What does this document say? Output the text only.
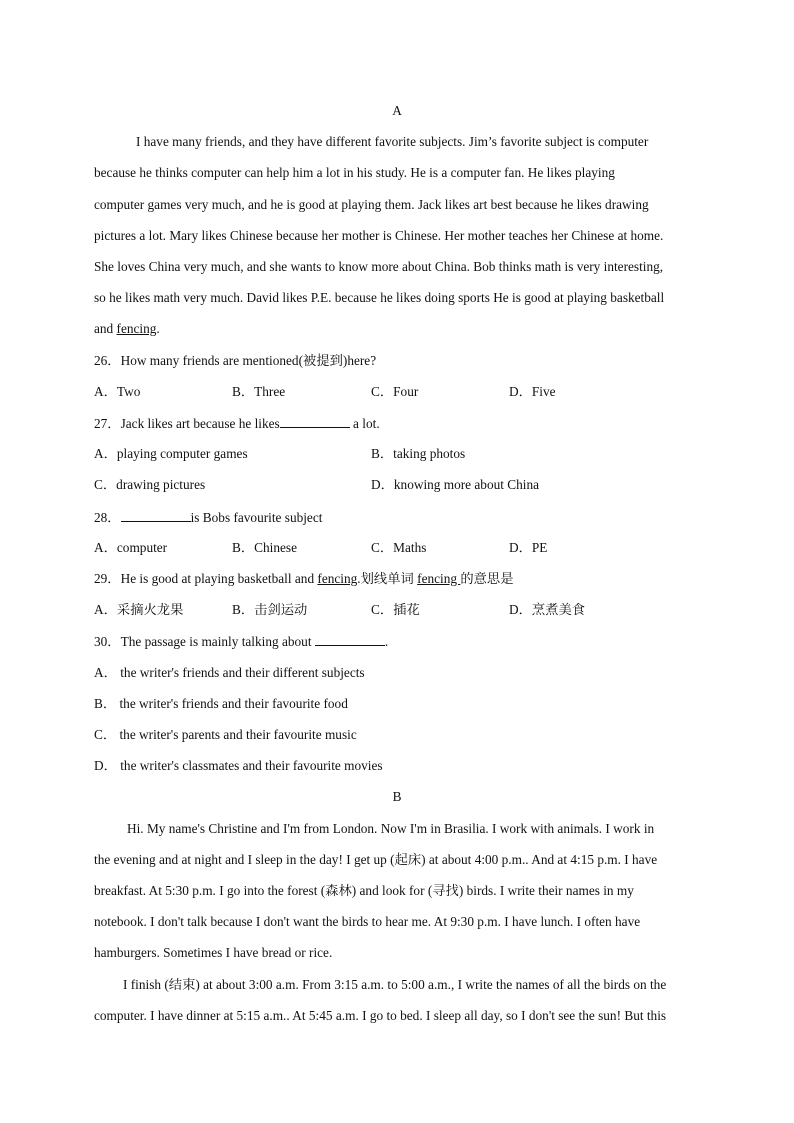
A
I have many friends, and they have different favorite subjects. Jim’s favorite subject is computer
because he thinks computer can help him a lot in his study. He is a computer fan. He likes playing
computer games very much, and he is good at playing them. Jack likes art best because he likes drawing
pictures a lot. Mary likes Chinese because her mother is Chinese. Her mother teaches her Chinese at home.
She loves China very much, and she wants to know more about China. Bob thinks math is very interesting,
so he likes math very much. David likes P.E. because he likes doing sports He is good at playing basketball
and fencing.
26．How many friends are mentioned(被提到)here?
A．Two	B．Three	C．Four	D．Five
27．Jack likes art because he likes	a lot.
A．playing computer games	B．taking photos
C．drawing pictures	D．knowing more about China
28．	is Bobs favourite subject
A．computer	B．Chinese	C．Maths	D．PE
29．He is good at playing basketball and fencing.划线单词 fencing 的意思是
A．采摘火龙果	B．击剑运动	C．插花	D．烹煮美食
30．The passage is mainly talking about	.
A． the writer's friends and their different subjects
B． the writer's friends and their favourite food
C． the writer's parents and their favourite music
D． the writer's classmates and their favourite movies
B
Hi. My name's Christine and I'm from London. Now I'm in Brasilia. I work with animals. I work in
the evening and at night and I sleep in the day! I get up (起床) at about 4:00 p.m.. And at 4:15 p.m. I have
breakfast. At 5:30 p.m. I go into the forest (森林) and look for (寻找) birds. I write their names in my
notebook. I don't talk because I don't want the birds to hear me. At 9:30 p.m. I have lunch. I often have
hamburgers. Sometimes I have bread or rice.
I finish (结束) at about 3:00 a.m. From 3:15 a.m. to 5:00 a.m., I write the names of all the birds on the
computer. I have dinner at 5:15 a.m.. At 5:45 a.m. I go to bed. I sleep all day, so I don't see the sun! But this
